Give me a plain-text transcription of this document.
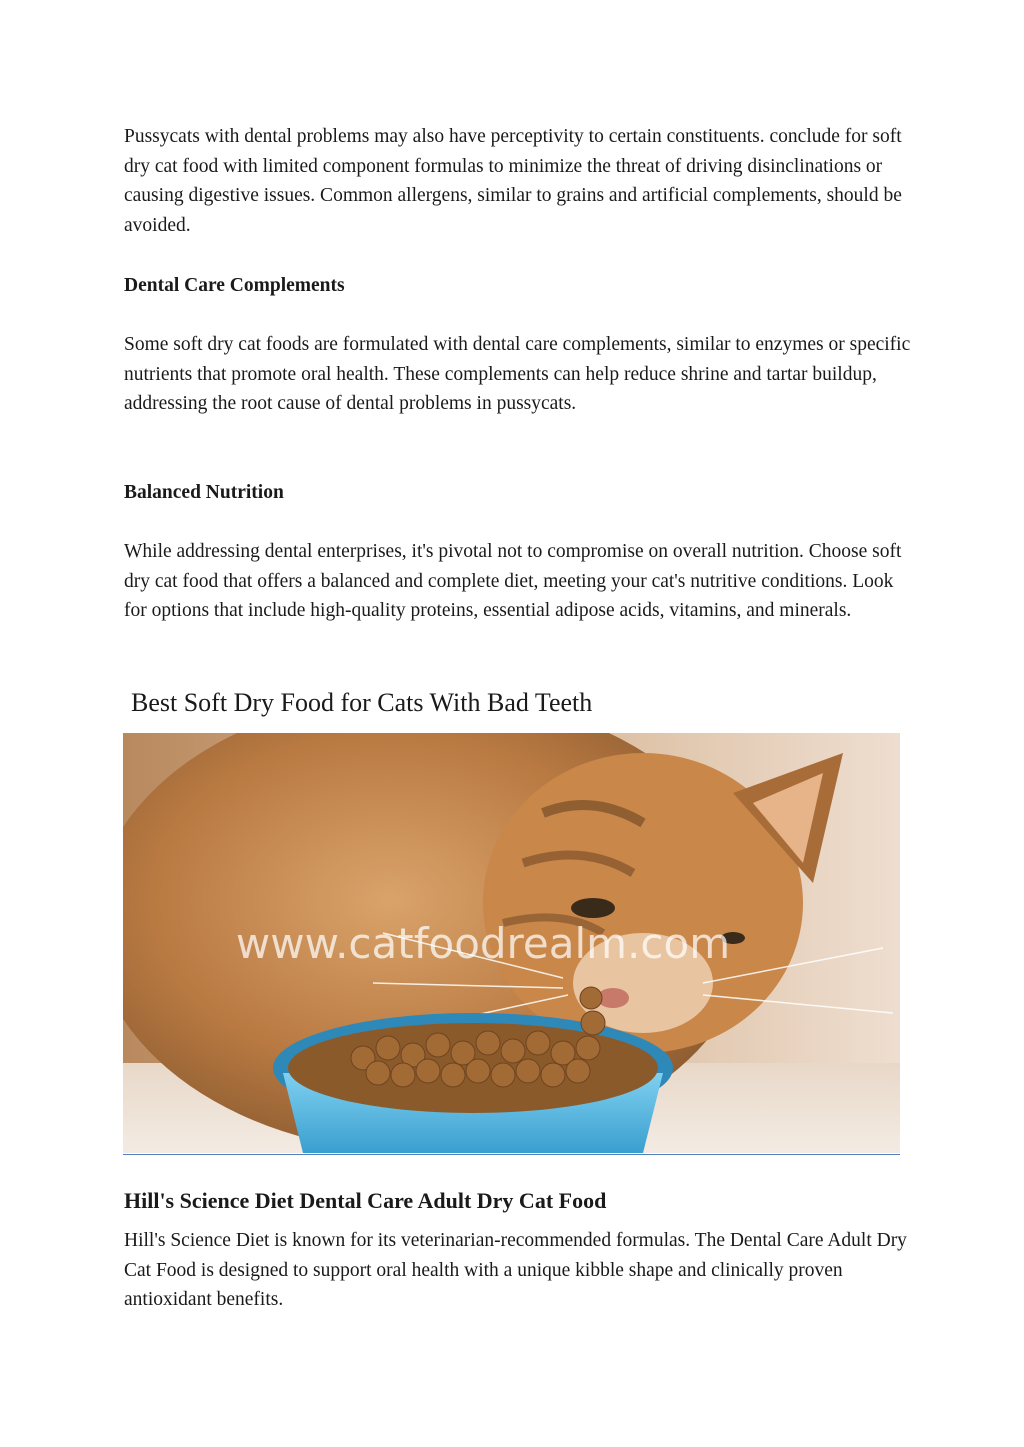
Pussycats with dental problems may also have perceptivity to certain constituents. conclude for soft dry cat food with limited component formulas to minimize the threat of driving disinclinations or causing digestive issues. Common allergens, similar to grains and artificial complements, should be avoided.

Dental Care Complements

Some soft dry cat foods are formulated with dental care complements, similar to enzymes or specific nutrients that promote oral health. These complements can help reduce shrine and tartar buildup, addressing the root cause of dental problems in pussycats.

Balanced Nutrition

While addressing dental enterprises, it's pivotal not to compromise on overall nutrition. Choose soft dry cat food that offers a balanced and complete diet, meeting your cat's nutritive conditions. Look for options that include high-quality proteins, essential adipose acids, vitamins, and minerals.

Best Soft Dry Food for Cats With Bad Teeth
www.catfoodrealm.com
Hill's Science Diet Dental Care Adult Dry Cat Food

Hill's Science Diet is known for its veterinarian-recommended formulas. The Dental Care Adult Dry Cat Food is designed to support oral health with a unique kibble shape and clinically proven antioxidant benefits.
